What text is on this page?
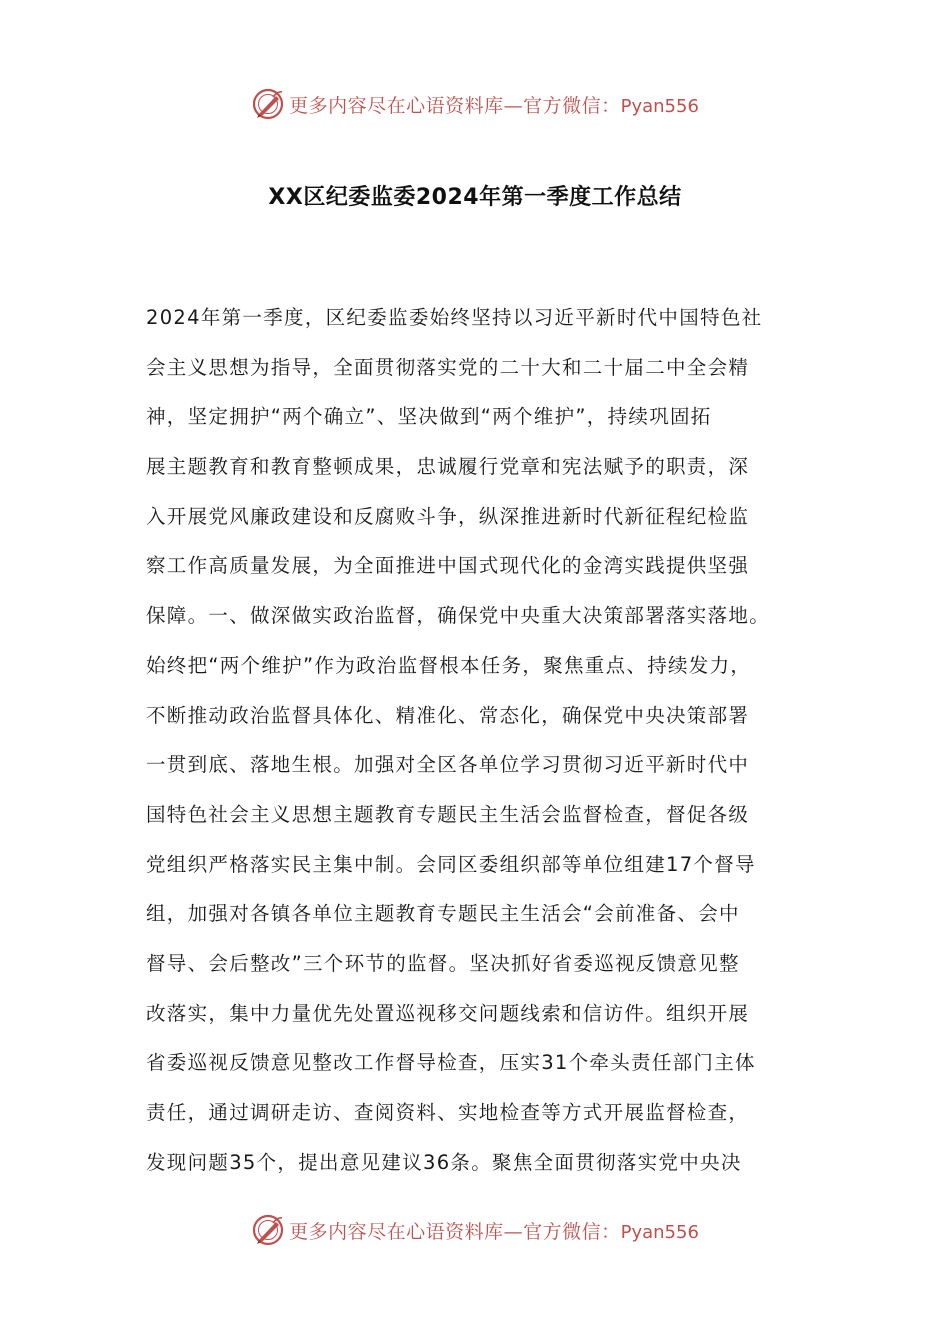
更多内容尽在心语资料库—官方微信：Pyan556
XX区纪委监委2024年第一季度工作总结
2024年第一季度，区纪委监委始终坚持以习近平新时代中国特色社
会主义思想为指导，全面贯彻落实党的二十大和二十届二中全会精
神，坚定拥护“两个确立”、坚决做到“两个维护”，持续巩固拓
展主题教育和教育整顿成果，忠诚履行党章和宪法赋予的职责，深
入开展党风廉政建设和反腐败斗争，纵深推进新时代新征程纪检监
察工作高质量发展，为全面推进中国式现代化的金湾实践提供坚强
保障。一、做深做实政治监督，确保党中央重大决策部署落实落地。
始终把“两个维护”作为政治监督根本任务，聚焦重点、持续发力，
不断推动政治监督具体化、精准化、常态化，确保党中央决策部署
一贯到底、落地生根。加强对全区各单位学习贯彻习近平新时代中
国特色社会主义思想主题教育专题民主生活会监督检查，督促各级
党组织严格落实民主集中制。会同区委组织部等单位组建17个督导
组，加强对各镇各单位主题教育专题民主生活会“会前准备、会中
督导、会后整改”三个环节的监督。坚决抓好省委巡视反馈意见整
改落实，集中力量优先处置巡视移交问题线索和信访件。组织开展
省委巡视反馈意见整改工作督导检查，压实31个牵头责任部门主体
责任，通过调研走访、查阅资料、实地检查等方式开展监督检查，
发现问题35个，提出意见建议36条。聚焦全面贯彻落实党中央决
更多内容尽在心语资料库—官方微信：Pyan556
